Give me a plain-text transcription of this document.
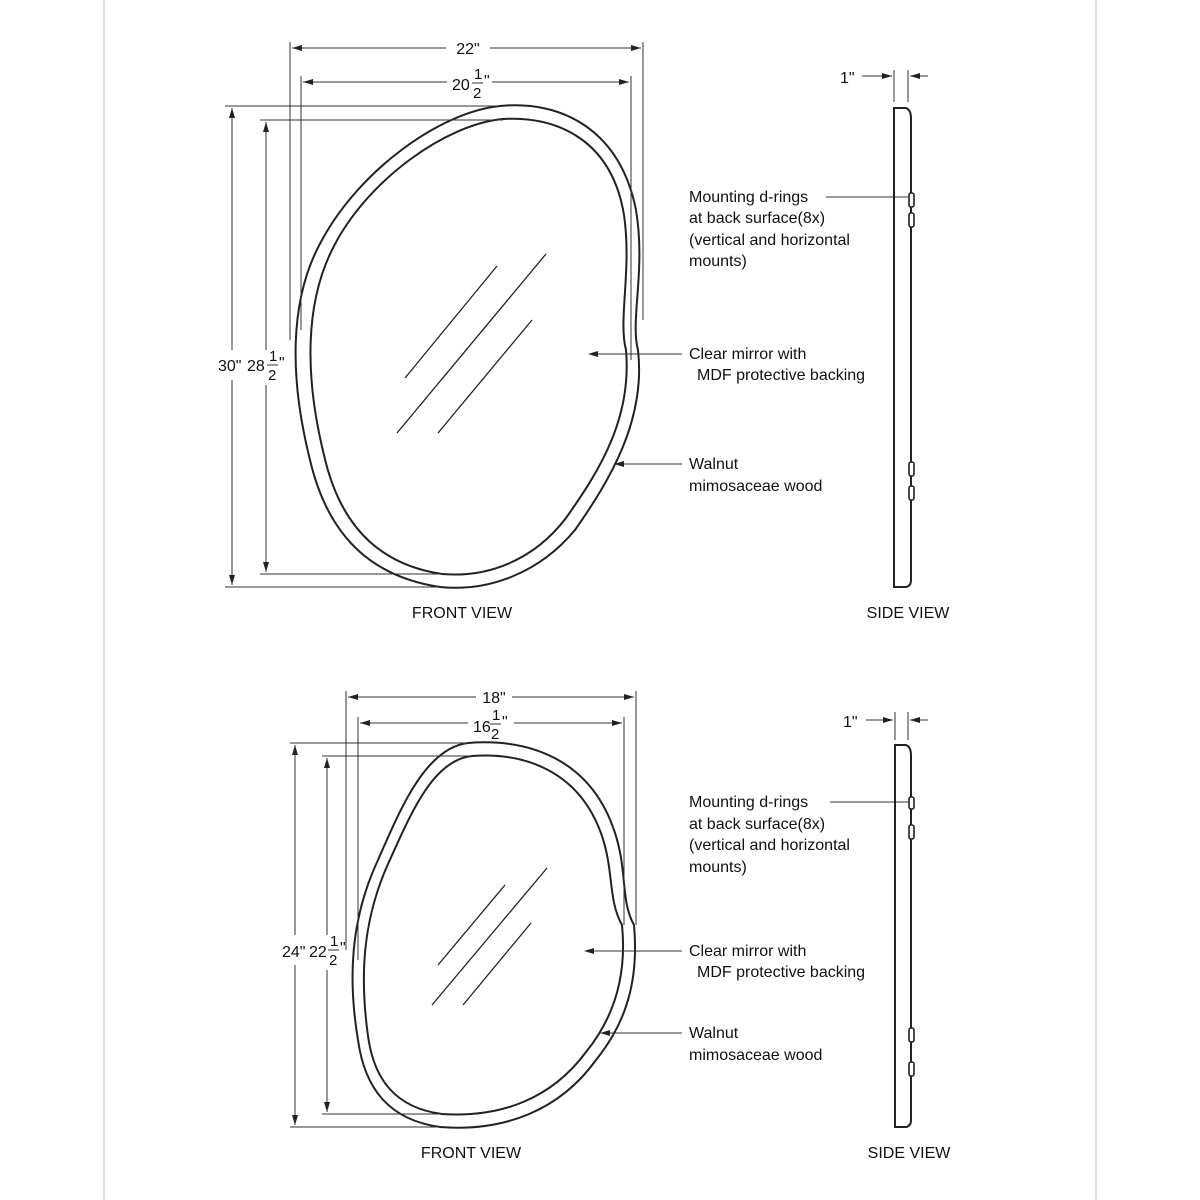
22"
20
1
2
"
30" 28
1
2
"
FRONT VIEW
Mounting d-rings
at back surface(8x)
(vertical and horizontal
mounts)
Clear mirror with
MDF protective backing
Walnut
mimosaceae wood
1"
SIDE VIEW
18"
16
1
2
"
24" 22
1
2
"
FRONT VIEW
Mounting d-rings
at back surface(8x)
(vertical and horizontal
mounts)
Clear mirror with
MDF protective backing
Walnut
mimosaceae wood
1"
SIDE VIEW
